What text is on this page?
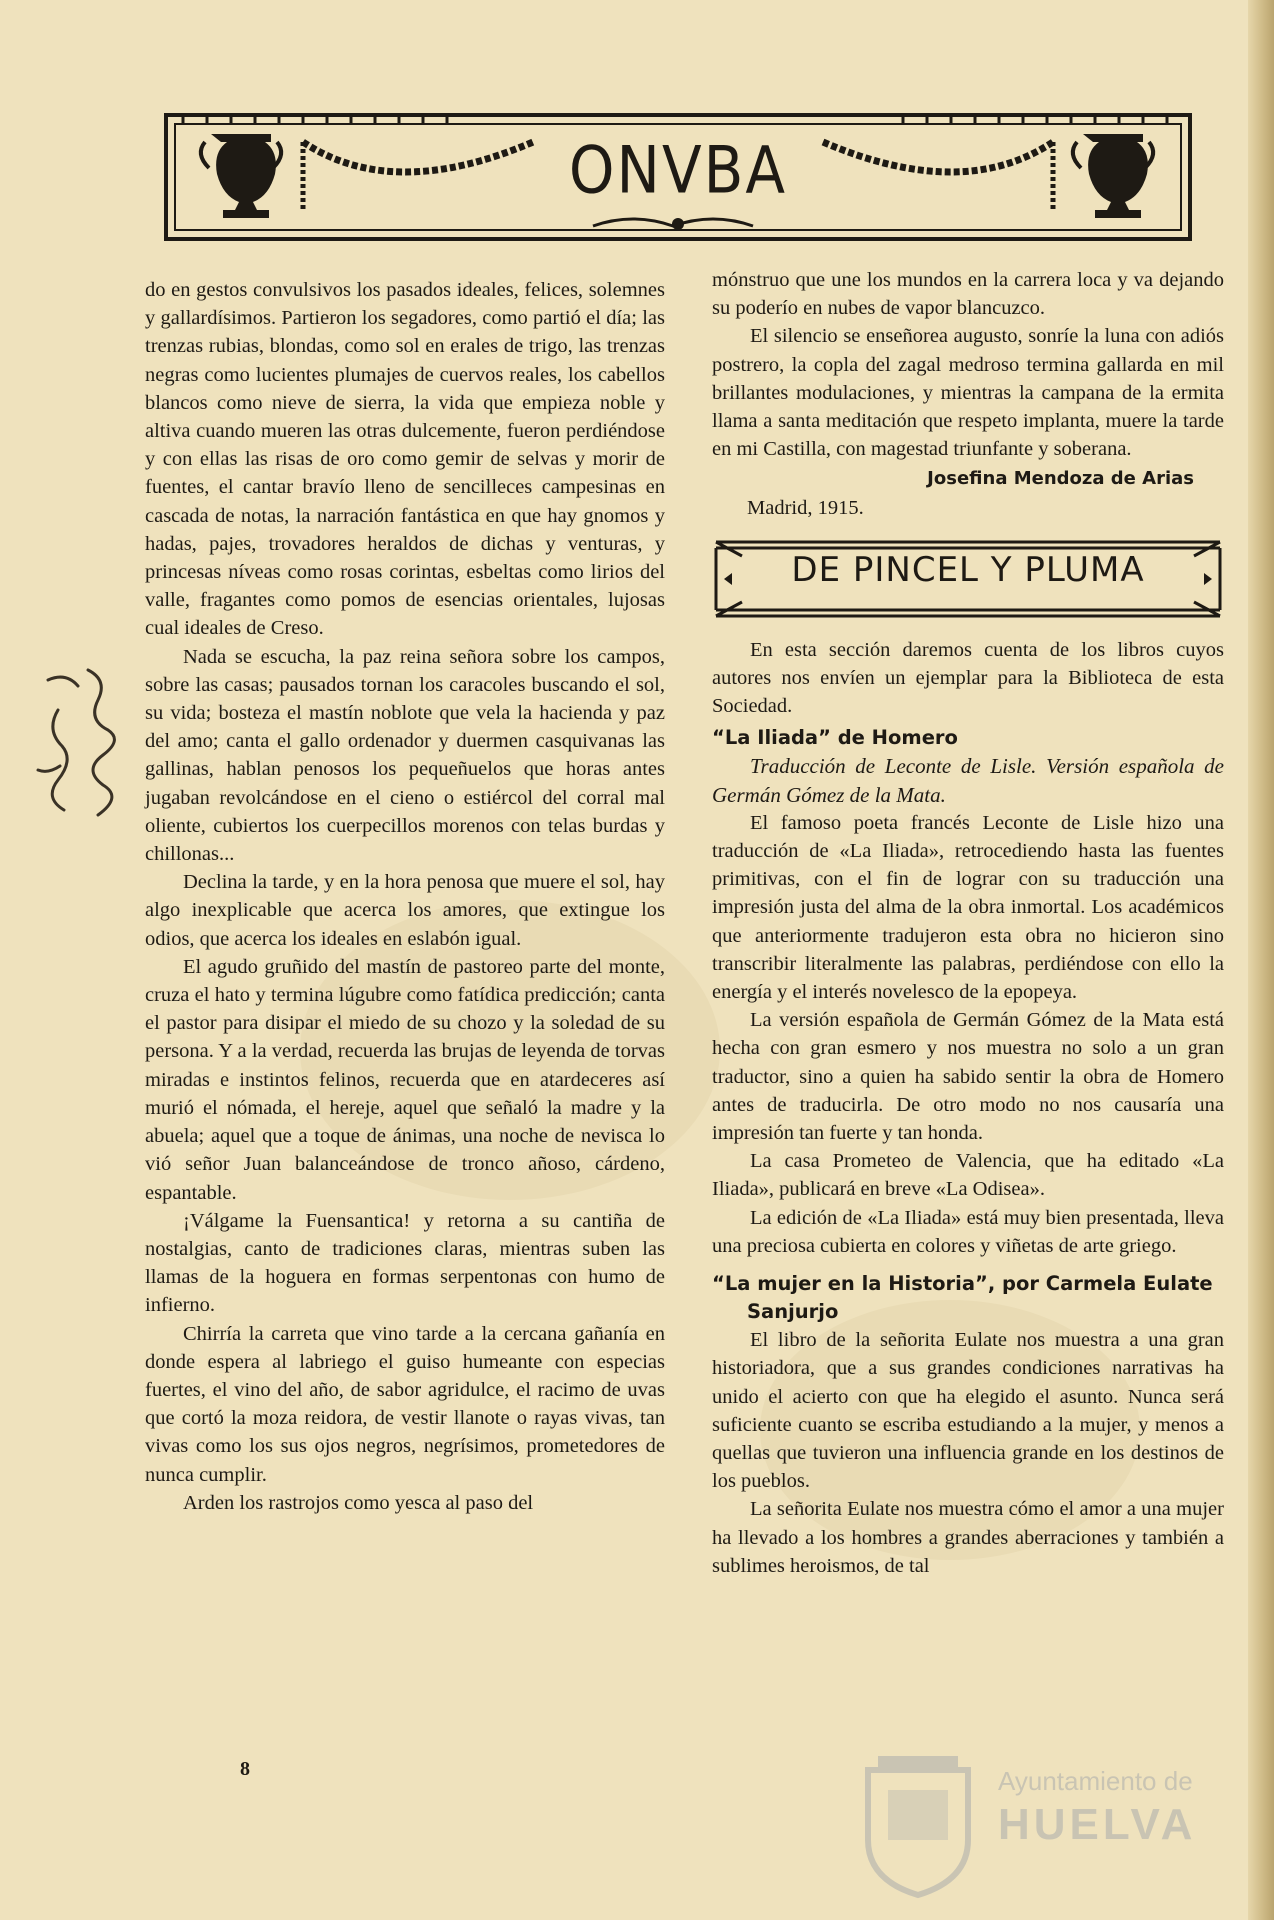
ONVBA

do en gestos convulsivos los pasados ideales, felices, solemnes y gallardísimos. Partieron los segadores, como partió el día; las trenzas rubias, blondas, como sol en erales de trigo, las trenzas negras como lucientes plumajes de cuervos reales, los cabellos blancos como nieve de sierra, la vida que empieza noble y altiva cuando mueren las otras dulcemente, fueron perdiéndose y con ellas las risas de oro como gemir de selvas y morir de fuentes, el cantar bravío lleno de sencilleces campesinas en cascada de notas, la narración fantástica en que hay gnomos y hadas, pajes, trovadores heraldos de dichas y venturas, y princesas níveas como rosas corintas, esbeltas como lirios del valle, fragantes como pomos de esencias orientales, lujosas cual ideales de Creso.

Nada se escucha, la paz reina señora sobre los campos, sobre las casas; pausados tornan los caracoles buscando el sol, su vida; bosteza el mastín noblote que vela la hacienda y paz del amo; canta el gallo ordenador y duermen casquivanas las gallinas, hablan penosos los pequeñuelos que horas antes jugaban revolcándose en el cieno o estiércol del corral mal oliente, cubiertos los cuerpecillos morenos con telas burdas y chillonas...

Declina la tarde, y en la hora penosa que muere el sol, hay algo inexplicable que acerca los amores, que extingue los odios, que acerca los ideales en eslabón igual.

El agudo gruñido del mastín de pastoreo parte del monte, cruza el hato y termina lúgubre como fatídica predicción; canta el pastor para disipar el miedo de su chozo y la soledad de su persona. Y a la verdad, recuerda las brujas de leyenda de torvas miradas e instintos felinos, recuerda que en atardeceres así murió el nómada, el hereje, aquel que señaló la madre y la abuela; aquel que a toque de ánimas, una noche de nevisca lo vió señor Juan balanceándose de tronco añoso, cárdeno, espantable.

¡Válgame la Fuensantica! y retorna a su cantiña de nostalgias, canto de tradiciones claras, mientras suben las llamas de la hoguera en formas serpentonas con humo de infierno.

Chirría la carreta que vino tarde a la cercana gañanía en donde espera al labriego el guiso humeante con especias fuertes, el vino del año, de sabor agridulce, el racimo de uvas que cortó la moza reidora, de vestir llanote o rayas vivas, tan vivas como los sus ojos negros, negrísimos, prometedores de nunca cumplir.

Arden los rastrojos como yesca al paso del

mónstruo que une los mundos en la carrera loca y va dejando su poderío en nubes de vapor blancuzco.

El silencio se enseñorea augusto, sonríe la luna con adiós postrero, la copla del zagal medroso termina gallarda en mil brillantes modulaciones, y mientras la campana de la ermita llama a santa meditación que respeto implanta, muere la tarde en mi Castilla, con magestad triunfante y soberana.

Josefina Mendoza de Arias

Madrid, 1915.

DE PINCEL Y PLUMA

En esta sección daremos cuenta de los libros cuyos autores nos envíen un ejemplar para la Biblioteca de esta Sociedad.

“La Iliada” de Homero

Traducción de Leconte de Lisle. Versión española de Germán Gómez de la Mata.

El famoso poeta francés Leconte de Lisle hizo una traducción de «La Iliada», retrocediendo hasta las fuentes primitivas, con el fin de lograr con su traducción una impresión justa del alma de la obra inmortal. Los académicos que anteriormente tradujeron esta obra no hicieron sino transcribir literalmente las palabras, perdiéndose con ello la energía y el interés novelesco de la epopeya.

La versión española de Germán Gómez de la Mata está hecha con gran esmero y nos muestra no solo a un gran traductor, sino a quien ha sabido sentir la obra de Homero antes de traducirla. De otro modo no nos causaría una impresión tan fuerte y tan honda.

La casa Prometeo de Valencia, que ha editado «La Iliada», publicará en breve «La Odisea».

La edición de «La Iliada» está muy bien presentada, lleva una preciosa cubierta en colores y viñetas de arte griego.

“La mujer en la Historia”, por Carmela Eulate
Sanjurjo

El libro de la señorita Eulate nos muestra a una gran historiadora, que a sus grandes condiciones narrativas ha unido el acierto con que ha elegido el asunto. Nunca será suficiente cuanto se escriba estudiando a la mujer, y menos a quellas que tuvieron una influencia grande en los destinos de los pueblos.

La señorita Eulate nos muestra cómo el amor a una mujer ha llevado a los hombres a grandes aberraciones y también a sublimes heroismos, de tal

8	Ayuntamiento de
HUELVA
